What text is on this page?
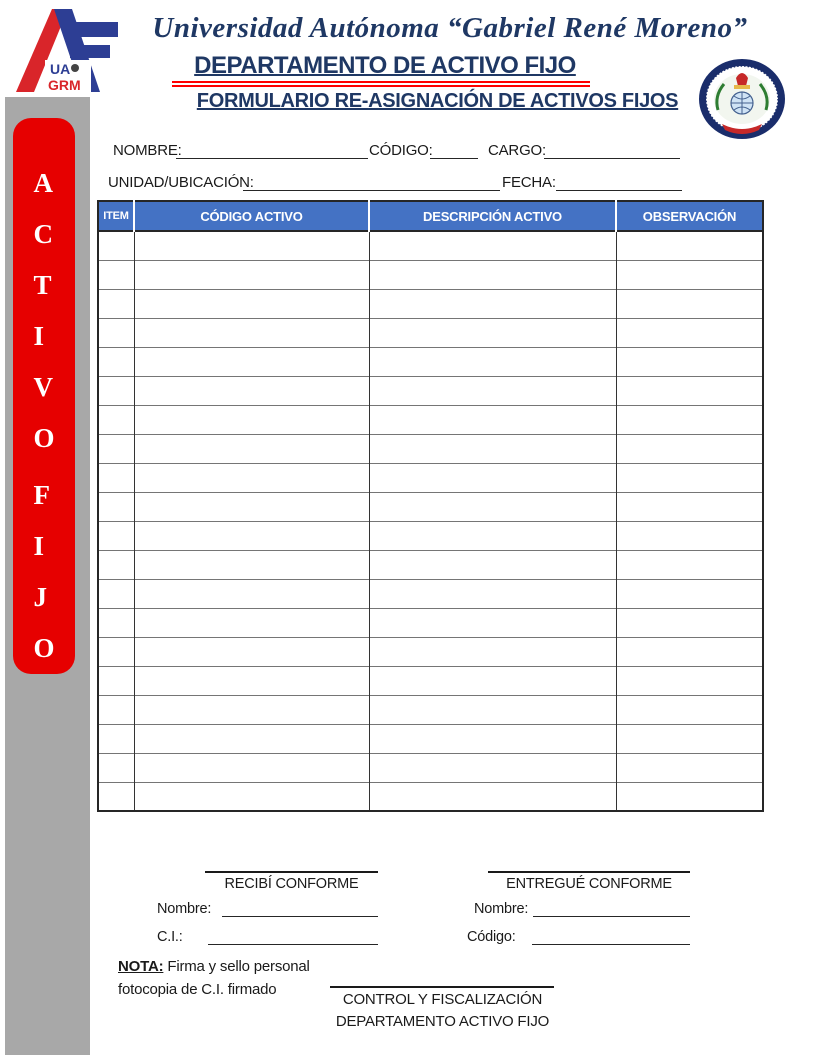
A
C
T
I
V
O
F
I
J
O
UA
GRM
Universidad Autónoma “Gabriel René Moreno”
DEPARTAMENTO DE ACTIVO FIJO
FORMULARIO RE-ASIGNACIÓN DE ACTIVOS FIJOS
NOMBRE:	CÓDIGO:	CARGO:
UNIDAD/UBICACIÓN:	FECHA:
ITEM	CÓDIGO ACTIVO	DESCRIPCIÓN ACTIVO	OBSERVACIÓN

RECIBÍ CONFORME
Nombre:
C.I.:
ENTREGUÉ CONFORME
Nombre:
Código:
NOTA: Firma y sello personal
fotocopia de C.I. firmado
CONTROL Y FISCALIZACIÓN
DEPARTAMENTO ACTIVO FIJO
